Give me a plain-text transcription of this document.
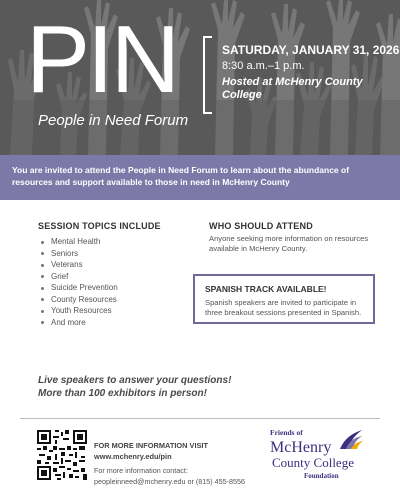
PIN
People in Need Forum
SATURDAY, JANUARY 31, 2026
8:30 a.m.–1 p.m.
Hosted at McHenry County College

You are invited to attend the People in Need Forum to learn about the abundance of resources and support available to those in need in McHenry County

SESSION TOPICS INCLUDE
Mental Health
Seniors
Veterans
Grief
Suicide Prevention
County Resources
Youth Resources
And more
WHO SHOULD ATTEND

Anyone seeking more information on resources available in McHenry County.

SPANISH TRACK AVAILABLE!

Spanish speakers are invited to participate in three breakout sessions presented in Spanish.

Live speakers to answer your questions!
More than 100 exhibitors in person!

FOR MORE INFORMATION VISIT
www.mchenry.edu/pin
For more information contact:
peopleinneed@mchenry.edu or (815) 455-8556
Friends of
McHenry
County College
Foundation
